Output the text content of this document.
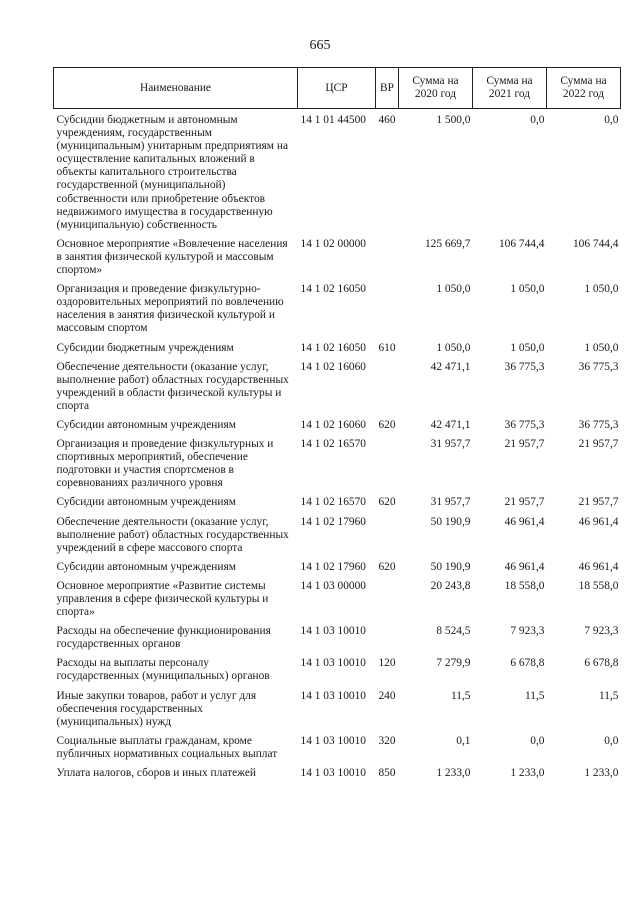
665
Наименование	ЦСР	ВР	Сумма на 2020 год	Сумма на 2021 год	Сумма на 2022 год
Субсидии бюджетным и автономным учреждениям, государственным (муниципальным) унитарным предприятиям на осуществление капитальных вложений в объекты капитального строительства государственной (муниципальной) собственности или приобретение объектов недвижимого имущества в государственную (муниципальную) собственность	14 1 01 44500	460	1 500,0	0,0	0,0
Основное мероприятие «Вовлечение населения в занятия физической культурой и массовым спортом»	14 1 02 00000		125 669,7	106 744,4	106 744,4
Организация и проведение физкультурно-оздоровительных мероприятий по вовлечению населения в занятия физической культурой и массовым спортом	14 1 02 16050		1 050,0	1 050,0	1 050,0
Субсидии бюджетным учреждениям	14 1 02 16050	610	1 050,0	1 050,0	1 050,0
Обеспечение деятельности (оказание услуг, выполнение работ) областных государственных учреждений в области физической культуры и спорта	14 1 02 16060		42 471,1	36 775,3	36 775,3
Субсидии автономным учреждениям	14 1 02 16060	620	42 471,1	36 775,3	36 775,3
Организация и проведение физкультурных и спортивных мероприятий, обеспечение подготовки и участия спортсменов в соревнованиях различного уровня	14 1 02 16570		31 957,7	21 957,7	21 957,7
Субсидии автономным учреждениям	14 1 02 16570	620	31 957,7	21 957,7	21 957,7
Обеспечение деятельности (оказание услуг, выполнение работ) областных государственных учреждений в сфере массового спорта	14 1 02 17960		50 190,9	46 961,4	46 961,4
Субсидии автономным учреждениям	14 1 02 17960	620	50 190,9	46 961,4	46 961,4
Основное мероприятие «Развитие системы управления в сфере физической культуры и спорта»	14 1 03 00000		20 243,8	18 558,0	18 558,0
Расходы на обеспечение функционирования государственных органов	14 1 03 10010		8 524,5	7 923,3	7 923,3
Расходы на выплаты персоналу государственных (муниципальных) органов	14 1 03 10010	120	7 279,9	6 678,8	6 678,8
Иные закупки товаров, работ и услуг для обеспечения государственных (муниципальных) нужд	14 1 03 10010	240	11,5	11,5	11,5
Социальные выплаты гражданам, кроме публичных нормативных социальных выплат	14 1 03 10010	320	0,1	0,0	0,0
Уплата налогов, сборов и иных платежей	14 1 03 10010	850	1 233,0	1 233,0	1 233,0
